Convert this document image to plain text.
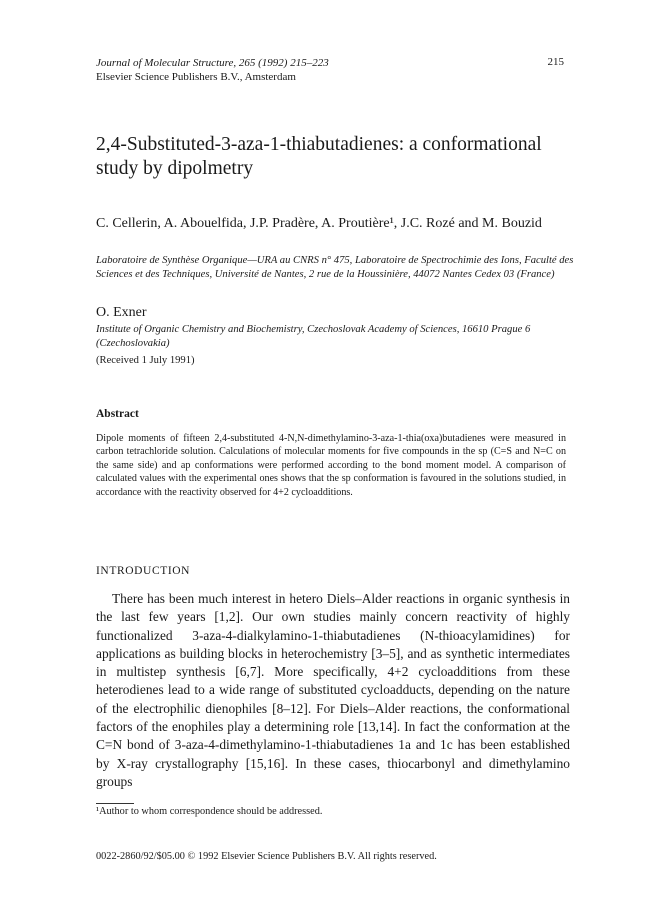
Journal of Molecular Structure, 265 (1992) 215–223
Elsevier Science Publishers B.V., Amsterdam
215
2,4-Substituted-3-aza-1-thiabutadienes: a conformational study by dipolmetry
C. Cellerin, A. Abouelfida, J.P. Pradère, A. Proutière¹, J.C. Rozé and M. Bouzid
Laboratoire de Synthèse Organique—URA au CNRS n° 475, Laboratoire de Spectrochimie des Ions, Faculté des Sciences et des Techniques, Université de Nantes, 2 rue de la Houssinière, 44072 Nantes Cedex 03 (France)
O. Exner
Institute of Organic Chemistry and Biochemistry, Czechoslovak Academy of Sciences, 16610 Prague 6 (Czechoslovakia)
(Received 1 July 1991)
Abstract
Dipole moments of fifteen 2,4-substituted 4-N,N-dimethylamino-3-aza-1-thia(oxa)butadienes were measured in carbon tetrachloride solution. Calculations of molecular moments for five compounds in the sp (C=S and N=C on the same side) and ap conformations were performed according to the bond moment model. A comparison of calculated values with the experimental ones shows that the sp conformation is favoured in the solutions studied, in accordance with the reactivity observed for 4+2 cycloadditions.
INTRODUCTION

There has been much interest in hetero Diels–Alder reactions in organic synthesis in the last few years [1,2]. Our own studies mainly concern reactivity of highly functionalized 3-aza-4-dialkylamino-1-thiabutadienes (N-thioacylamidines) for applications as building blocks in heterochemistry [3–5], and as synthetic intermediates in multistep synthesis [6,7]. More specifically, 4+2 cycloadditions from these heterodienes lead to a wide range of substituted cycloadducts, depending on the nature of the electrophilic dienophiles [8–12]. For Diels–Alder reactions, the conformational factors of the enophiles play a determining role [13,14]. In fact the conformation at the C=N bond of 3-aza-4-dimethylamino-1-thiabutadienes 1a and 1c has been established by X-ray crystallography [15,16]. In these cases, thiocarbonyl and dimethylamino groups

¹Author to whom correspondence should be addressed.
0022-2860/92/$05.00 © 1992 Elsevier Science Publishers B.V. All rights reserved.
